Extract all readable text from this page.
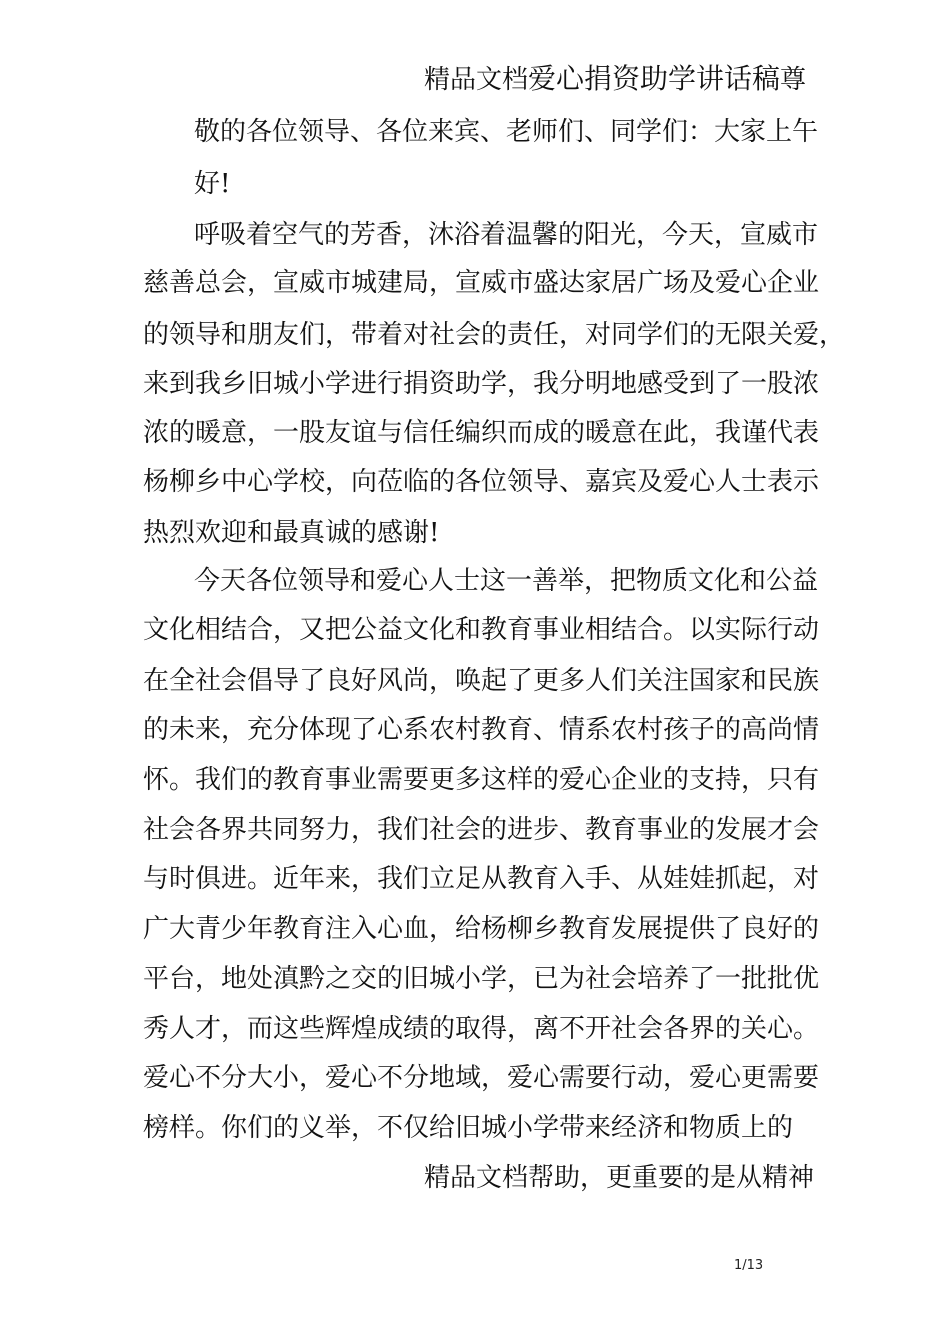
精品文档爱心捐资助学讲话稿尊
敬的各位领导、各位来宾、老师们、同学们：大家上午
好!
呼吸着空气的芳香，沐浴着温馨的阳光，今天，宣威市
慈善总会，宣威市城建局，宣威市盛达家居广场及爱心企业
的领导和朋友们，带着对社会的责任，对同学们的无限关爱，
来到我乡旧城小学进行捐资助学，我分明地感受到了一股浓
浓的暖意，一股友谊与信任编织而成的暖意在此，我谨代表
杨柳乡中心学校，向莅临的各位领导、嘉宾及爱心人士表示
热烈欢迎和最真诚的感谢!
今天各位领导和爱心人士这一善举，把物质文化和公益
文化相结合，又把公益文化和教育事业相结合。以实际行动
在全社会倡导了良好风尚，唤起了更多人们关注国家和民族
的未来，充分体现了心系农村教育、情系农村孩子的高尚情
怀。我们的教育事业需要更多这样的爱心企业的支持，只有
社会各界共同努力，我们社会的进步、教育事业的发展才会
与时俱进。近年来，我们立足从教育入手、从娃娃抓起，对
广大青少年教育注入心血，给杨柳乡教育发展提供了良好的
平台，地处滇黔之交的旧城小学，已为社会培养了一批批优
秀人才，而这些辉煌成绩的取得，离不开社会各界的关心。
爱心不分大小，爱心不分地域，爱心需要行动，爱心更需要
榜样。你们的义举，不仅给旧城小学带来经济和物质上的
精品文档帮助，更重要的是从精神
1/13
